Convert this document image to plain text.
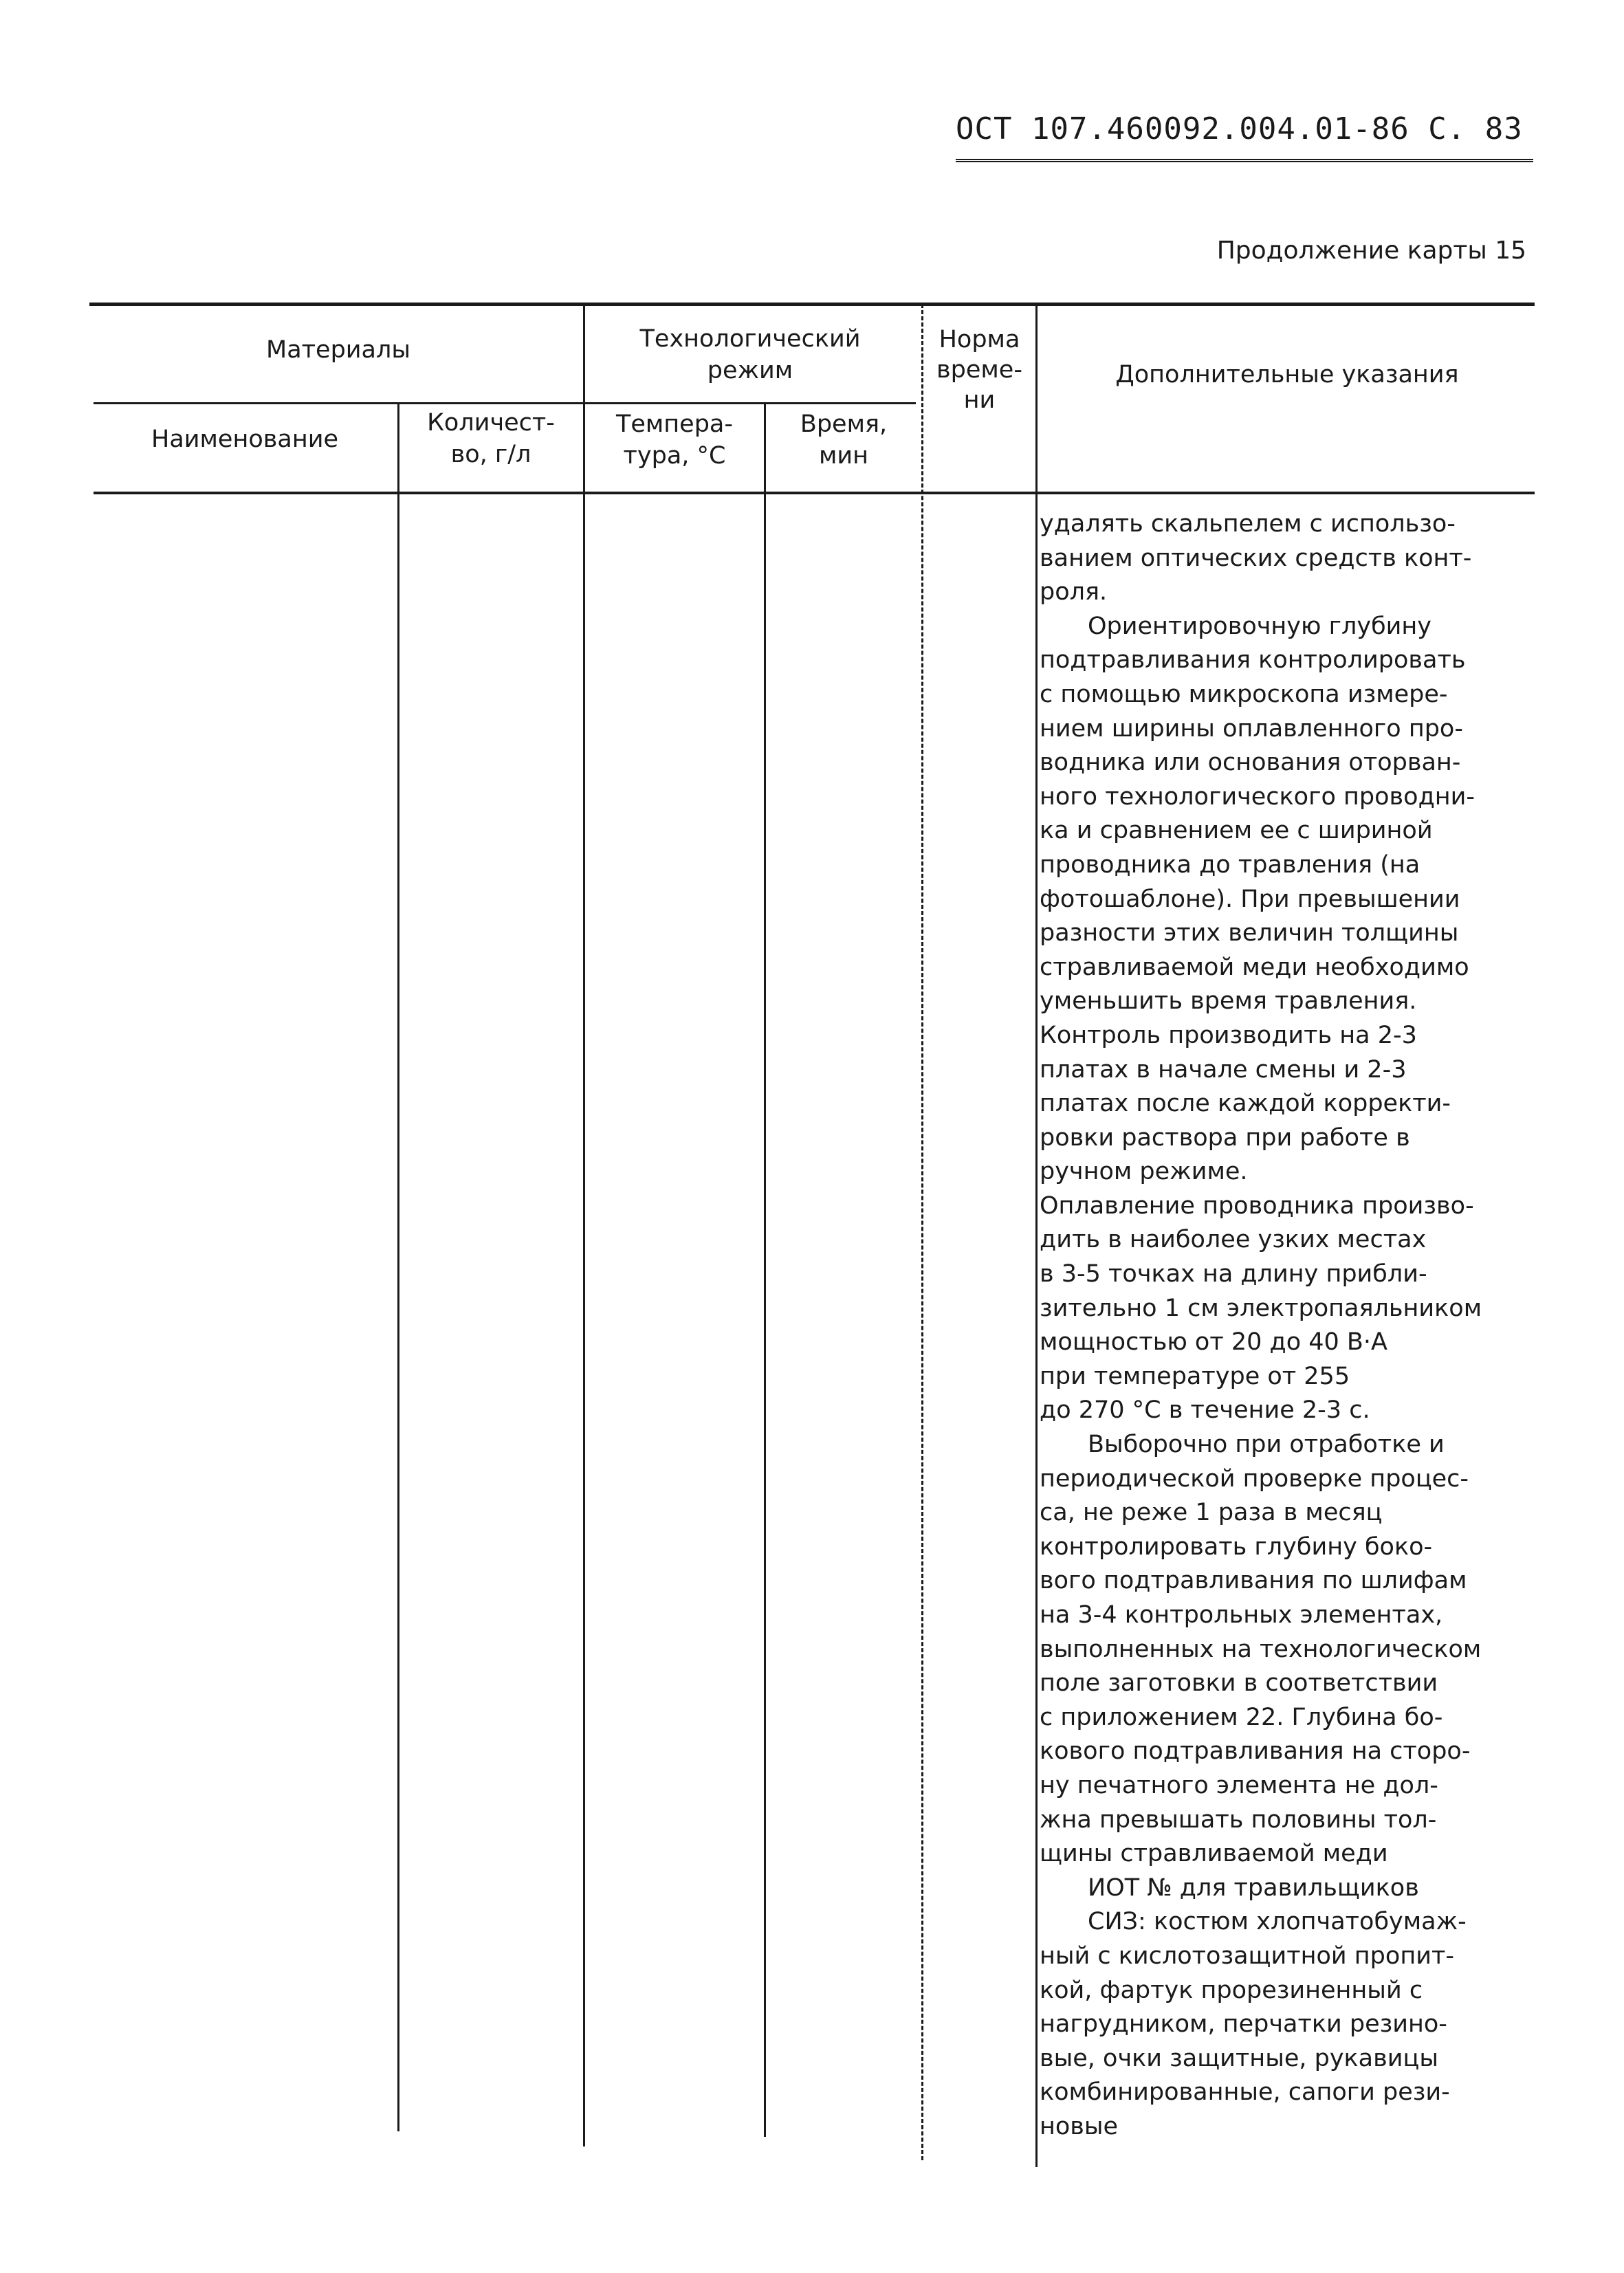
ОСТ 107.460092.004.01-86 С. 83
Продолжение карты 15
Материалы
Наименование
Количест-
во, г/л
Технологический
режим
Темпера-
тура, °C
Время,
мин
Норма
време-
ни
Дополнительные указания
удалять скальпелем с использо-
ванием оптических средств конт-
роля.
Ориентировочную глубину
подтравливания контролировать
с помощью микроскопа измере-
нием ширины оплавленного про-
водника или основания оторван-
ного технологического проводни-
ка и сравнением ее с шириной
проводника до травления (на
фотошаблоне). При превышении
разности этих величин толщины
стравливаемой меди необходимо
уменьшить время травления.
Контроль производить на 2-3
платах в начале смены и 2-3
платах после каждой корректи-
ровки раствора при работе в
ручном режиме.
Оплавление проводника произво-
дить в наиболее узких местах
в 3-5 точках на длину прибли-
зительно 1 см электропаяльником
мощностью от 20 до 40 В·А
при температуре от 255
до 270 °С в течение 2-3 с.
Выборочно при отработке и
периодической проверке процес-
са, не реже 1 раза в месяц
контролировать глубину боко-
вого подтравливания по шлифам
на 3-4 контрольных элементах,
выполненных на технологическом
поле заготовки в соответствии
с приложением 22. Глубина бо-
кового подтравливания на сторо-
ну печатного элемента не дол-
жна превышать половины тол-
щины стравливаемой меди
ИОТ № для травильщиков
СИЗ: костюм хлопчатобумаж-
ный с кислотозащитной пропит-
кой, фартук прорезиненный с
нагрудником, перчатки резино-
вые, очки защитные, рукавицы
комбинированные, сапоги рези-
новые
